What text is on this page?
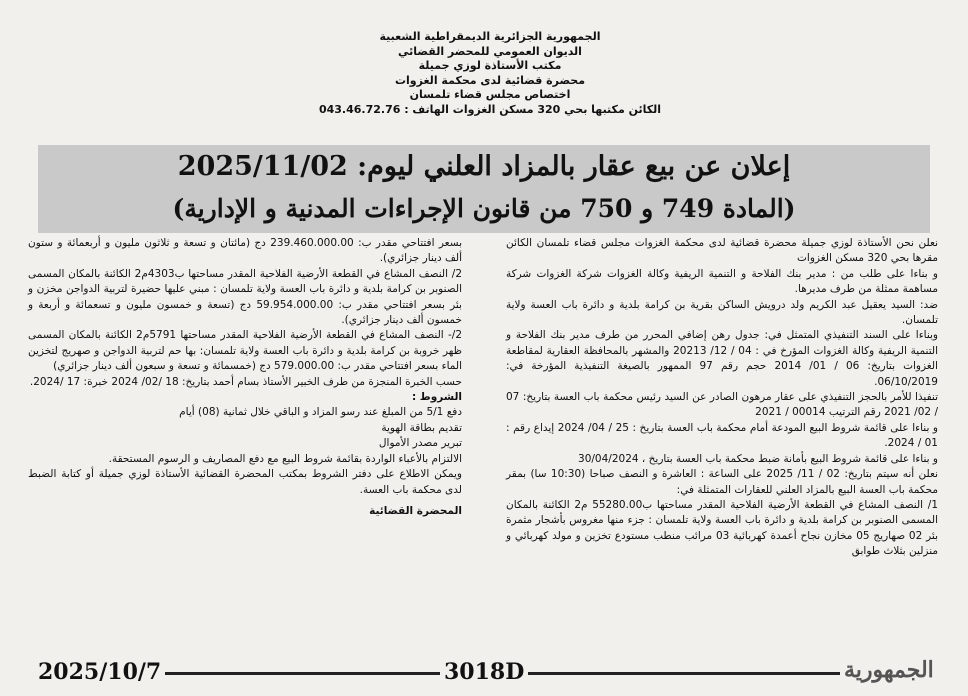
الجمهورية الجزائرية الديمقراطية الشعبية
الديوان العمومي للمحضر القضائي
مكتب الأستاذة لوزي جميلة
محضرة قضائية لدى محكمة الغزوات
اختصاص مجلس قضاء تلمسان
الكائن مكتبها بحي 320 مسكن الغزوات الهاتف : 043.46.72.76
إعلان عن بيع عقار بالمزاد العلني ليوم: 2025/11/02
(المادة 749 و 750 من قانون الإجراءات المدنية و الإدارية)

نعلن نحن الأستاذة لوزي جميلة محضرة قضائية لدى محكمة الغزوات مجلس قضاء تلمسان الكائن مقرها بحي 320 مسكن الغزوات

و بناءا على طلب من : مدير بنك الفلاحة و التنمية الريفية وكالة الغزوات شركة الغزوات شركة مساهمة ممثلة من طرف مديرها.

ضد: السيد يعقيل عبد الكريم ولد درويش الساكن بقرية بن كرامة بلدية و دائرة باب العسة ولاية تلمسان.

وبناءا على السند التنفيذي المتمثل في: جدول رهن إضافي المحرر من طرف مدير بنك الفلاحة و التنمية الريفية وكالة الغزوات المؤرخ في : 04 / 12/ 20213 والمشهر بالمحافظة العقارية لمقاطعة الغزوات بتاريخ: 06 / 01/ 2014 حجم رقم 97 الممهور بالصيغة التنفيذية المؤرخة في: 06/10/2019.

تنفيذا للأمر بالحجز التنفيذي على عقار مرهون الصادر عن السيد رئيس محكمة باب العسة بتاريخ: 07 / 02/ 2021 رقم الترتيب 00014 / 2021

و بناءا على قائمة شروط البيع المودعة أمام محكمة باب العسة بتاريخ : 25 / 04/ 2024 إيداع رقم : 01 / 2024.

و بناءا على قائمة شروط البيع بأمانة ضبط محكمة باب العسة بتاريخ ، 30/04/2024

نعلن أنه سيتم بتاريخ: 02 / 11/ 2025 على الساعة : العاشرة و النصف صباحا (10:30 سا) بمقر محكمة باب العسة البيع بالمزاد العلني للعقارات المتمثلة في:

1/ النصف المشاع في القطعة الأرضية الفلاحية المقدر مساحتها ب55280.00 م2 الكائنة بالمكان المسمى الصنوبر بن كرامة بلدية و دائرة باب العسة ولاية تلمسان : جزء منها مغروس بأشجار مثمرة بئر 02 صهاريج 05 مخازن نجاح أعمدة كهربائية 03 مرائب منطب مستودع تخزين و مولد كهربائي و منزلين بثلاث طوابق

بسعر افتتاحي مقدر ب: 239.460.000.00 دج (مائتان و تسعة و ثلاثون مليون و أربعمائة و ستون ألف دينار جزائري).

2/ النصف المشاع في القطعة الأرضية الفلاحية المقدر مساحتها ب4303م2 الكائنة بالمكان المسمى الصنوبر بن كرامة بلدية و دائرة باب العسة ولاية تلمسان : مبني عليها حضيرة لتربية الدواجن مخزن و بئر بسعر افتتاحي مقدر ب: 59.954.000.00 دج (تسعة و خمسون مليون و تسعمائة و أربعة و خمسون ألف دينار جزائري).

2/- النصف المشاع في القطعة الأرضية الفلاحية المقدر مساحتها 5791م2 الكائنة بالمكان المسمى ظهر خروبة بن كرامة بلدية و دائرة باب العسة ولاية تلمسان: بها حم لتربية الدواجن و صهريج لتخزين الماء بسعر افتتاحي مقدر ب: 579.000.00 دج (خمسمائة و تسعة و سبعون ألف دينار جزائري)

حسب الخبرة المنجزة من طرف الخبير الأستاذ بسام أحمد بتاريخ: 18 /02/ 2024 خبرة: 17 /2024.

الشروط :

دفع 5/1 من المبلغ عند رسو المزاد و الباقي خلال ثمانية (08) أيام

تقديم بطاقة الهوية

تبرير مصدر الأموال

الالتزام بالأعباء الواردة بقائمة شروط البيع مع دفع المصاريف و الرسوم المستحقة.

ويمكن الاطلاع على دفتر الشروط بمكتب المحضرة القضائية الأستاذة لوزي جميلة أو كتابة الضبط لدى محكمة باب العسة.

المحضرة القضائية

2025/10/7	3018D	الجمهورية
